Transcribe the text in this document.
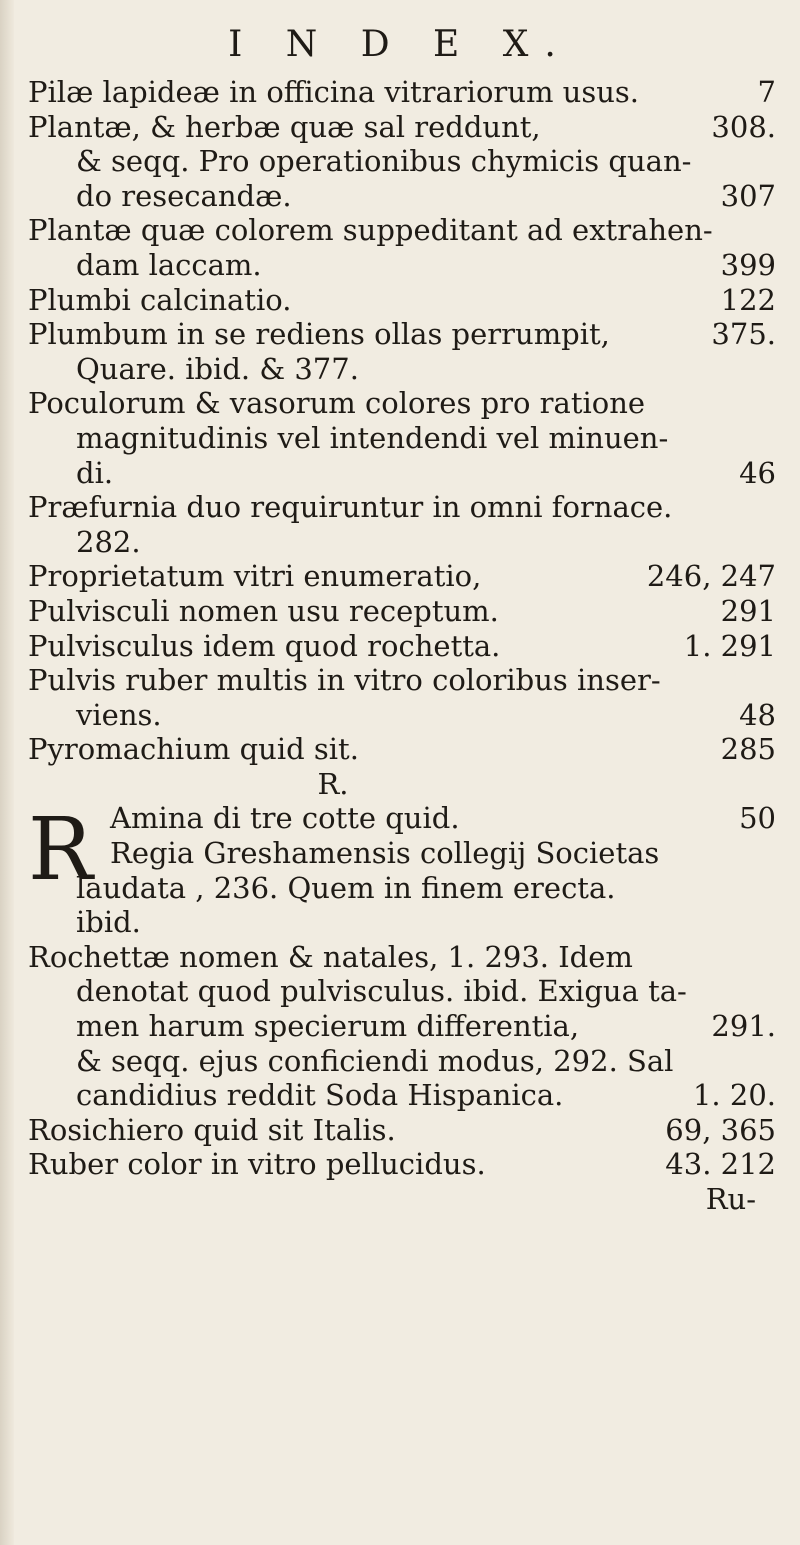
I N D E X.
Pilæ lapideæ in officina vitrariorum usus.	7
Plantæ, & herbæ quæ sal reddunt,	308.
& seqq. Pro operationibus chymicis quan-
do resecandæ.	307
Plantæ quæ colorem suppeditant ad extrahen-
dam laccam.	399
Plumbi calcinatio.	122
Plumbum in se rediens ollas perrumpit,	375.
Quare. ibid. & 377.
Poculorum & vasorum colores pro ratione
magnitudinis vel intendendi vel minuen-
di.	46
Præfurnia duo requiruntur in omni fornace.
282.
Proprietatum vitri enumeratio,	246, 247
Pulvisculi nomen usu receptum.	291
Pulvisculus idem quod rochetta.	1. 291
Pulvis ruber multis in vitro coloribus inser-
viens.	48
Pyromachium quid sit.	285
R.
R Amina di tre cotte quid.	50
Regia Greshamensis collegij Societas
laudata , 236. Quem in finem erecta.
ibid.
Rochettæ nomen & natales, 1. 293. Idem
denotat quod pulvisculus. ibid. Exigua ta-
men harum specierum differentia,	291.
& seqq. ejus conficiendi modus, 292. Sal
candidius reddit Soda Hispanica.	1. 20.
Rosichiero quid sit Italis.	69, 365
Ruber color in vitro pellucidus.	43. 212
Ru-
